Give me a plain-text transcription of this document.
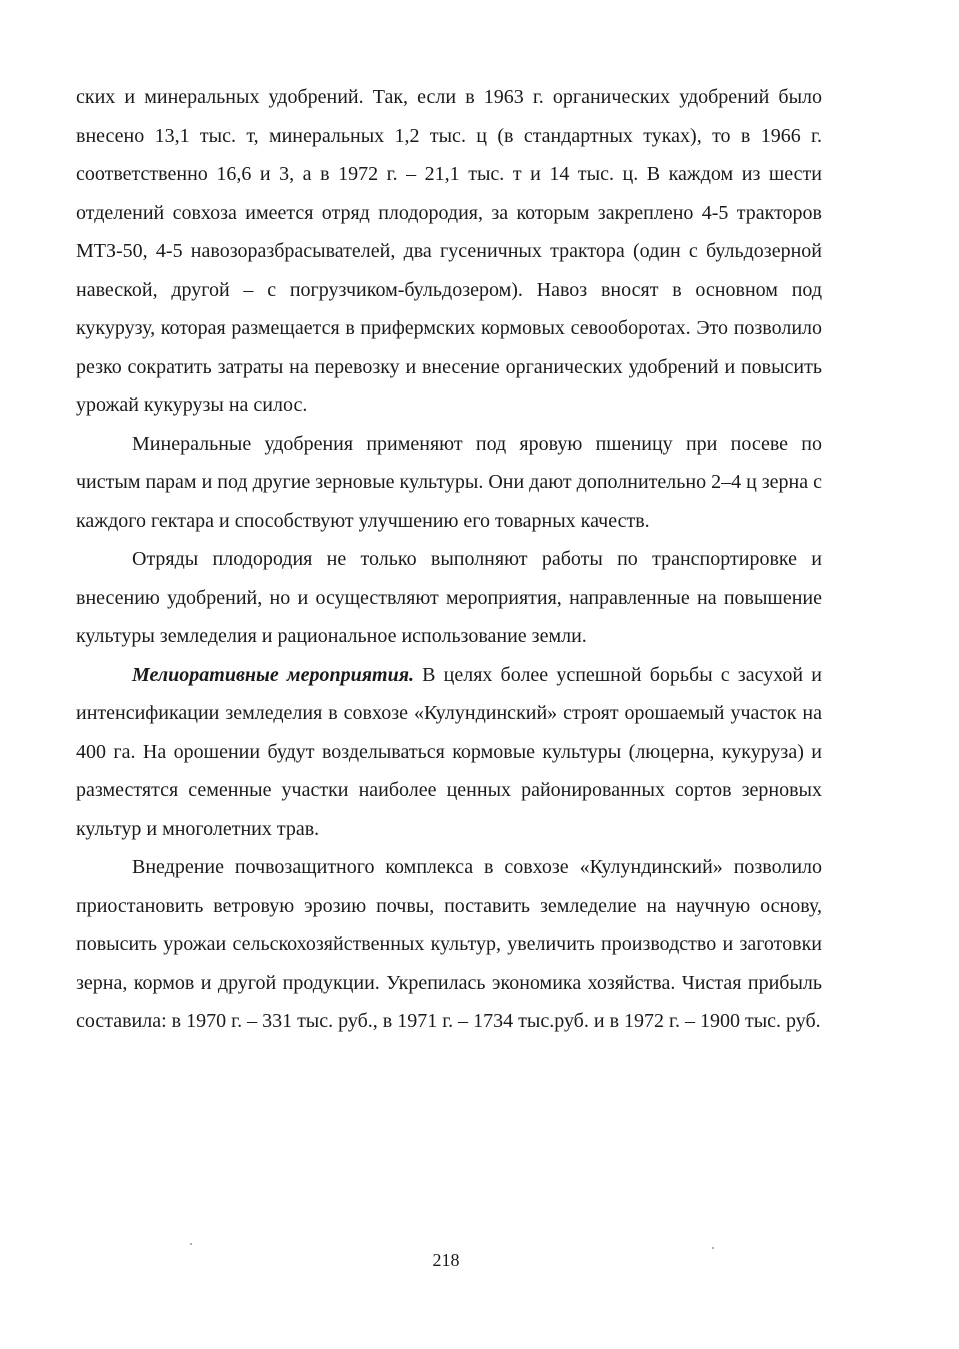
ских и минеральных удобрений. Так, если в 1963 г. органических удобрений было внесено 13,1 тыс. т, минеральных 1,2 тыс. ц (в стандартных туках), то в 1966 г. соответственно 16,6 и 3, а в 1972 г. – 21,1 тыс. т и 14 тыс. ц. В каждом из шести отделений совхоза имеется отряд плодородия, за которым закреплено 4-5 тракторов МТЗ-50, 4-5 навозоразбрасывателей, два гусеничных трактора (один с бульдозерной навеской, другой – с погрузчиком-бульдозером). Навоз вносят в основном под кукурузу, которая размещается в прифермских кормовых севооборотах. Это позволило резко сократить затраты на перевозку и внесение органических удобрений и повысить урожай кукурузы на силос.

Минеральные удобрения применяют под яровую пшеницу при посеве по чистым парам и под другие зерновые культуры. Они дают дополнительно 2–4 ц зерна с каждого гектара и способствуют улучшению его товарных качеств.

Отряды плодородия не только выполняют работы по транспортировке и внесению удобрений, но и осуществляют мероприятия, направленные на повышение культуры земледелия и рациональное использование земли.

Мелиоративные мероприятия. В целях более успешной борьбы с засухой и интенсификации земледелия в совхозе «Кулундинский» строят орошаемый участок на 400 га. На орошении будут возделываться кормовые культуры (люцерна, кукуруза) и разместятся семенные участки наиболее ценных районированных сортов зерновых культур и многолетних трав.

Внедрение почвозащитного комплекса в совхозе «Кулундинский» позволило приостановить ветровую эрозию почвы, поставить земледелие на научную основу, повысить урожаи сельскохозяйственных культур, увеличить производство и заготовки зерна, кормов и другой продукции. Укрепилась экономика хозяйства. Чистая прибыль составила: в 1970 г. – 331 тыс. руб., в 1971 г. – 1734 тыс.руб. и в 1972 г. – 1900 тыс. руб.

218
